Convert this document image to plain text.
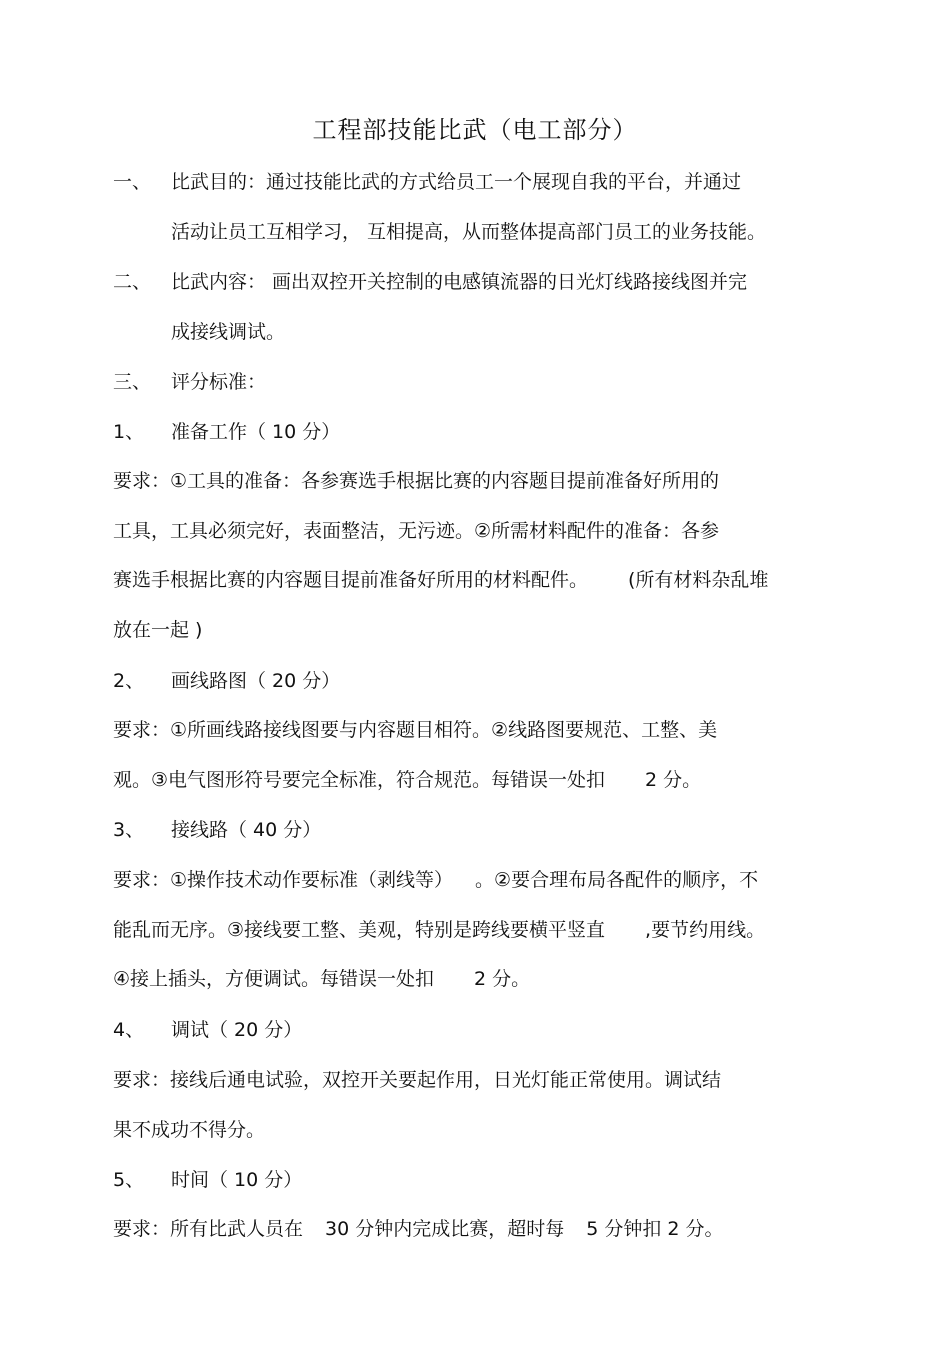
工程部技能比武（电工部分）
一、 比武目的：通过技能比武的方式给员工一个展现自我的平台，并通过
活动让员工互相学习， 互相提高，从而整体提高部门员工的业务技能。
二、 比武内容： 画出双控开关控制的电感镇流器的日光灯线路接线图并完
成接线调试。
三、 评分标准：
1、 准备工作（ 10 分）
要求：①工具的准备：各参赛选手根据比赛的内容题目提前准备好所用的
工具，工具必须完好，表面整洁，无污迹。②所需材料配件的准备：各参
赛选手根据比赛的内容题目提前准备好所用的材料配件。 (所有材料杂乱堆
放在一起 )
2、 画线路图（ 20 分）
要求：①所画线路接线图要与内容题目相符。②线路图要规范、工整、美
观。③电气图形符号要完全标准，符合规范。每错误一处扣 2 分。
3、 接线路（ 40 分）
要求：①操作技术动作要标准（剥线等） 。②要合理布局各配件的顺序，不
能乱而无序。③接线要工整、美观，特别是跨线要横平竖直 ,要节约用线。
④接上插头，方便调试。每错误一处扣 2 分。
4、 调试（ 20 分）
要求：接线后通电试验，双控开关要起作用，日光灯能正常使用。调试结
果不成功不得分。
5、 时间（ 10 分）
要求：所有比武人员在 30 分钟内完成比赛，超时每 5 分钟扣 2 分。
